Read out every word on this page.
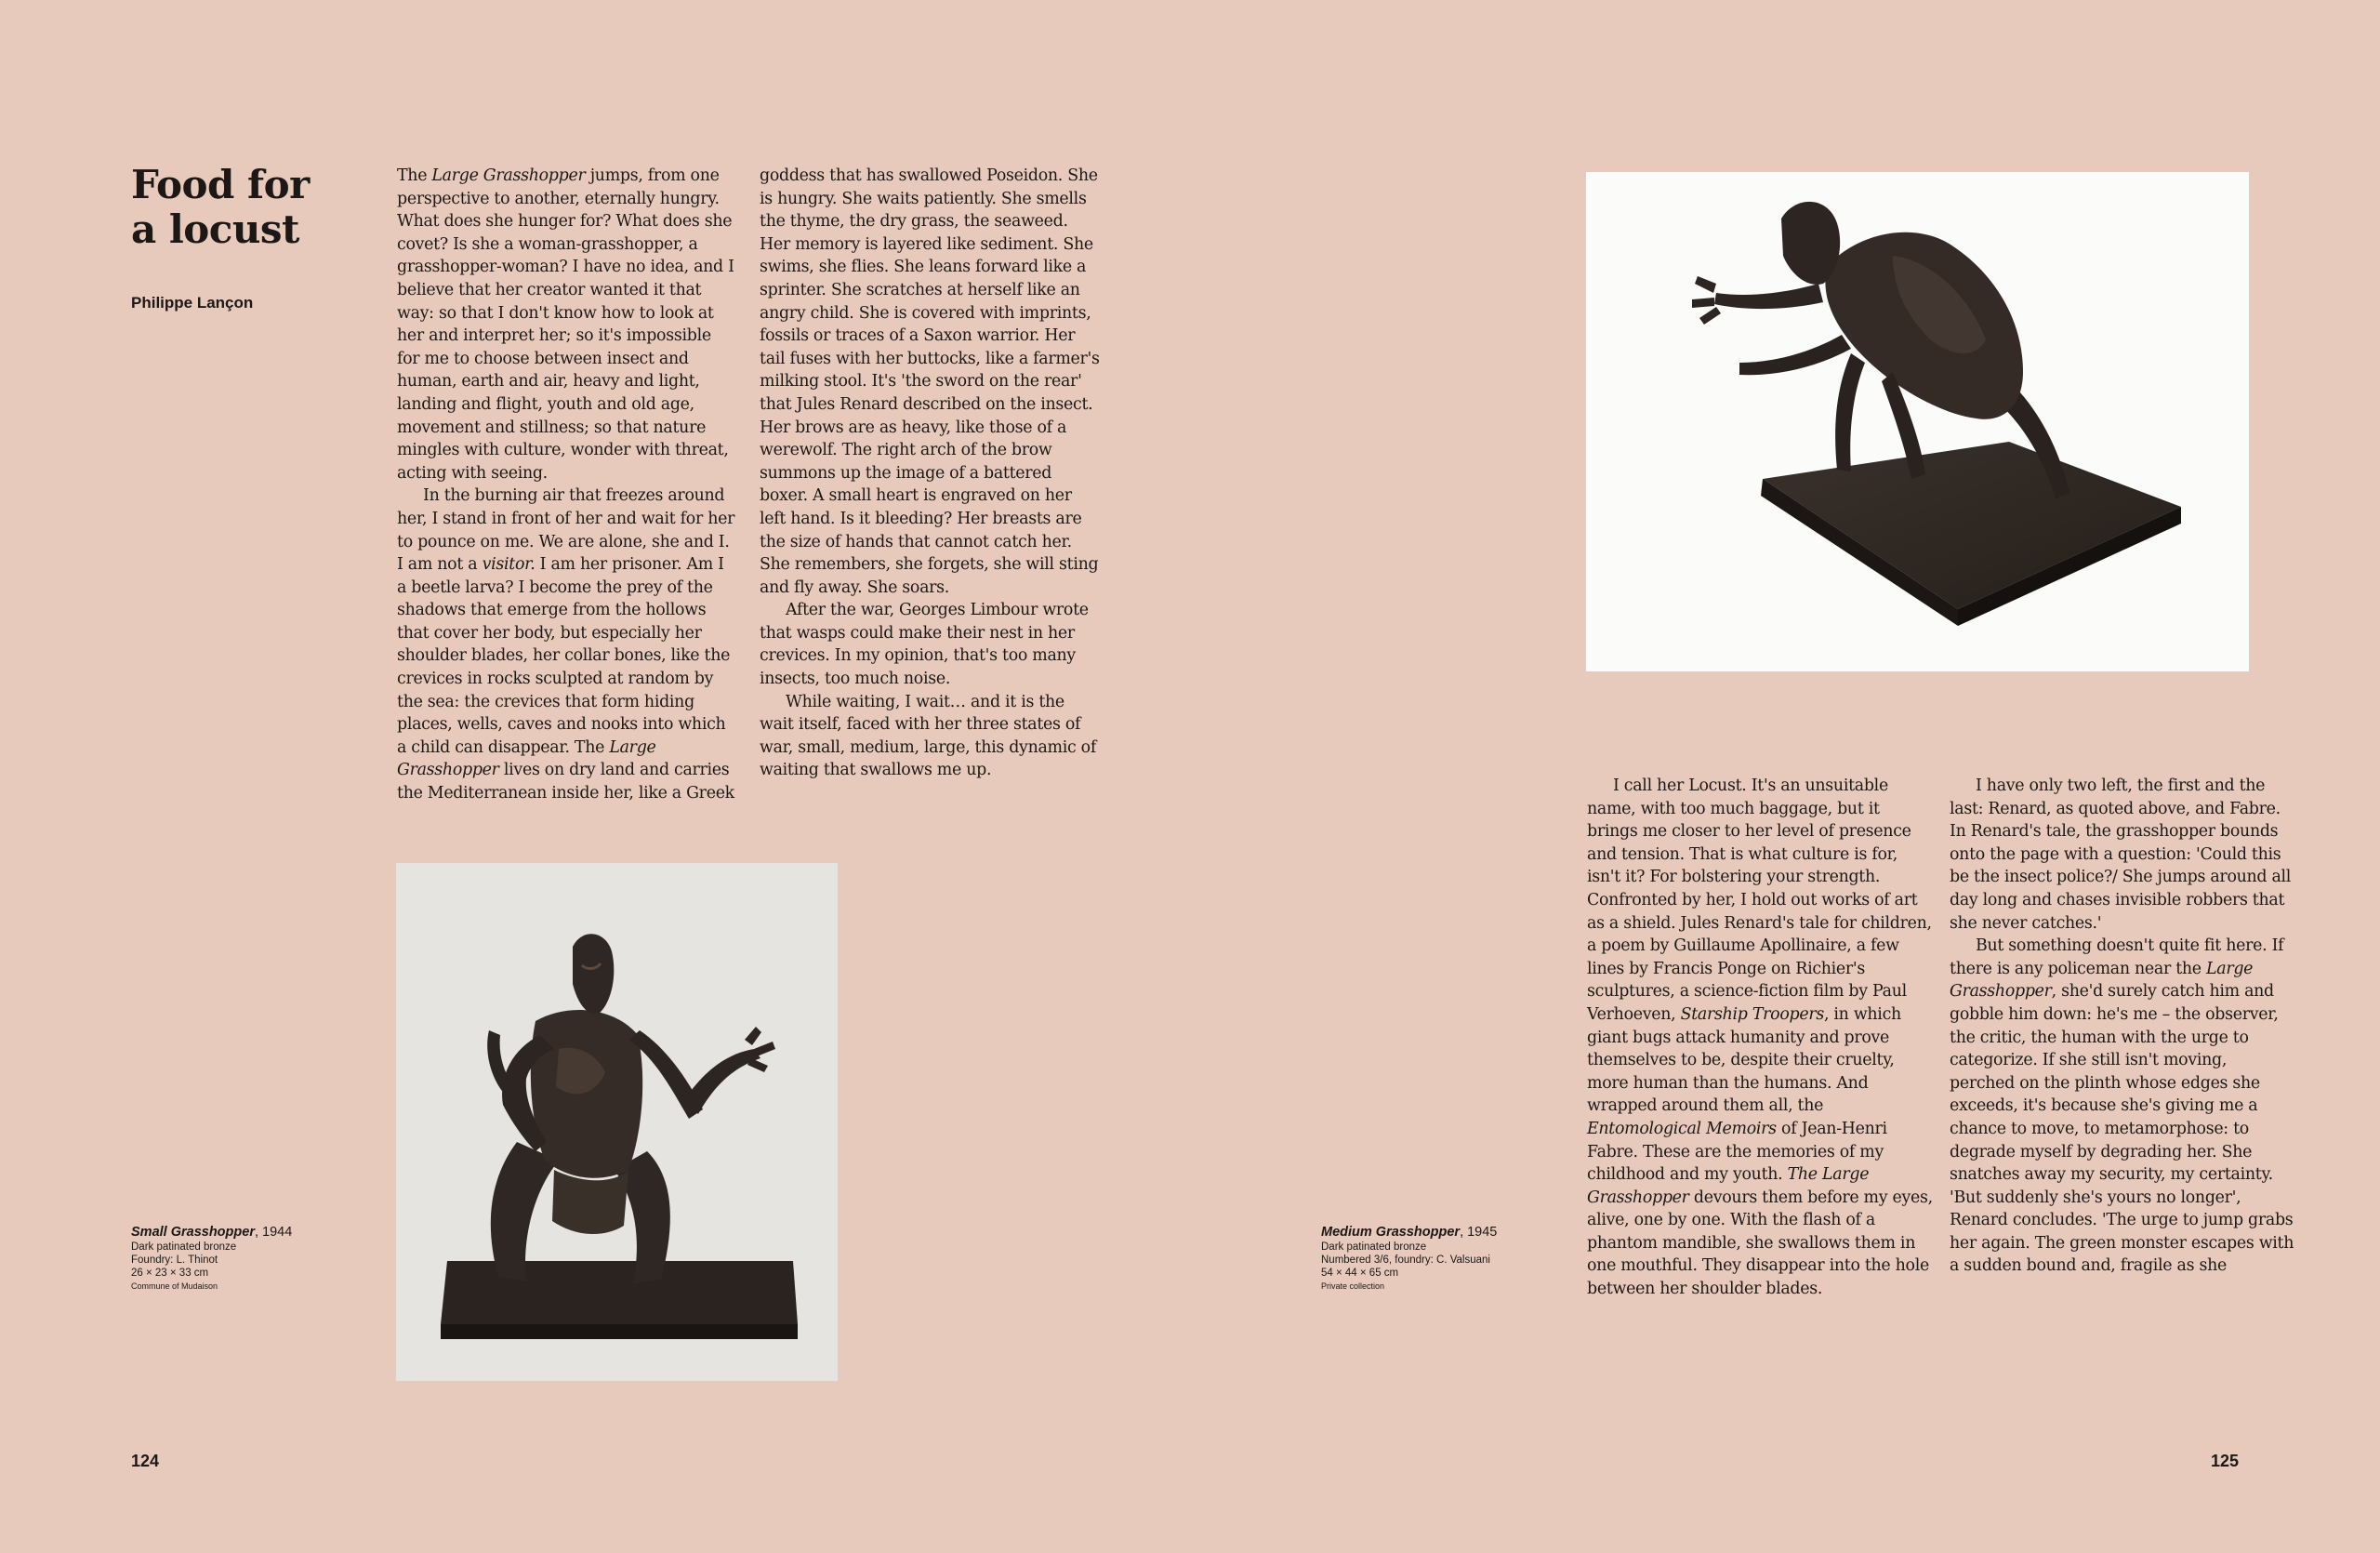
Food for
a locust
Philippe Lançon

The Large Grasshopper jumps, from one perspective to another, eternally hungry. What does she hunger for? What does she covet? Is she a woman-grasshopper, a grasshopper-woman? I have no idea, and I believe that her creator wanted it that way: so that I don't know how to look at her and interpret her; so it's impossible for me to choose between insect and human, earth and air, heavy and light, landing and flight, youth and old age, movement and stillness; so that nature mingles with culture, wonder with threat, acting with seeing.

In the burning air that freezes around her, I stand in front of her and wait for her to pounce on me. We are alone, she and I. I am not a visitor. I am her prisoner. Am I a beetle larva? I become the prey of the shadows that emerge from the hollows that cover her body, but especially her shoulder blades, her collar bones, like the crevices in rocks sculpted at random by the sea: the crevices that form hiding places, wells, caves and nooks into which a child can disappear. The Large Grasshopper lives on dry land and carries the Mediterranean inside her, like a Greek

goddess that has swallowed Poseidon. She is hungry. She waits patiently. She smells the thyme, the dry grass, the seaweed. Her memory is layered like sediment. She swims, she flies. She leans forward like a sprinter. She scratches at herself like an angry child. She is covered with imprints, fossils or traces of a Saxon warrior. Her tail fuses with her buttocks, like a farmer's milking stool. It's 'the sword on the rear' that Jules Renard described on the insect. Her brows are as heavy, like those of a werewolf. The right arch of the brow summons up the image of a battered boxer. A small heart is engraved on her left hand. Is it bleeding? Her breasts are the size of hands that cannot catch her. She remembers, she forgets, she will sting and fly away. She soars.

After the war, Georges Limbour wrote that wasps could make their nest in her crevices. In my opinion, that's too many insects, too much noise.

While waiting, I wait… and it is the wait itself, faced with her three states of war, small, medium, large, this dynamic of waiting that swallows me up.

Small Grasshopper, 1944
Dark patinated bronze
Foundry: L. Thinot
26 × 23 × 33 cm
Commune of Mudaison
124
Medium Grasshopper, 1945
Dark patinated bronze
Numbered 3/6, foundry: C. Valsuani
54 × 44 × 65 cm
Private collection

I call her Locust. It's an unsuitable name, with too much baggage, but it brings me closer to her level of presence and tension. That is what culture is for, isn't it? For bolstering your strength. Confronted by her, I hold out works of art as a shield. Jules Renard's tale for children, a poem by Guillaume Apollinaire, a few lines by Francis Ponge on Richier's sculptures, a science-fiction film by Paul Verhoeven, Starship Troopers, in which giant bugs attack humanity and prove themselves to be, despite their cruelty, more human than the humans. And wrapped around them all, the Entomological Memoirs of Jean-Henri Fabre. These are the memories of my childhood and my youth. The Large Grasshopper devours them before my eyes, alive, one by one. With the flash of a phantom mandible, she swallows them in one mouthful. They disappear into the hole between her shoulder blades.

I have only two left, the first and the last: Renard, as quoted above, and Fabre. In Renard's tale, the grasshopper bounds onto the page with a question: 'Could this be the insect police?/ She jumps around all day long and chases invisible robbers that she never catches.'

But something doesn't quite fit here. If there is any policeman near the Large Grasshopper, she'd surely catch him and gobble him down: he's me – the observer, the critic, the human with the urge to categorize. If she still isn't moving, perched on the plinth whose edges she exceeds, it's because she's giving me a chance to move, to metamorphose: to degrade myself by degrading her. She snatches away my security, my certainty. 'But suddenly she's yours no longer', Renard concludes. 'The urge to jump grabs her again. The green monster escapes with a sudden bound and, fragile as she

125
